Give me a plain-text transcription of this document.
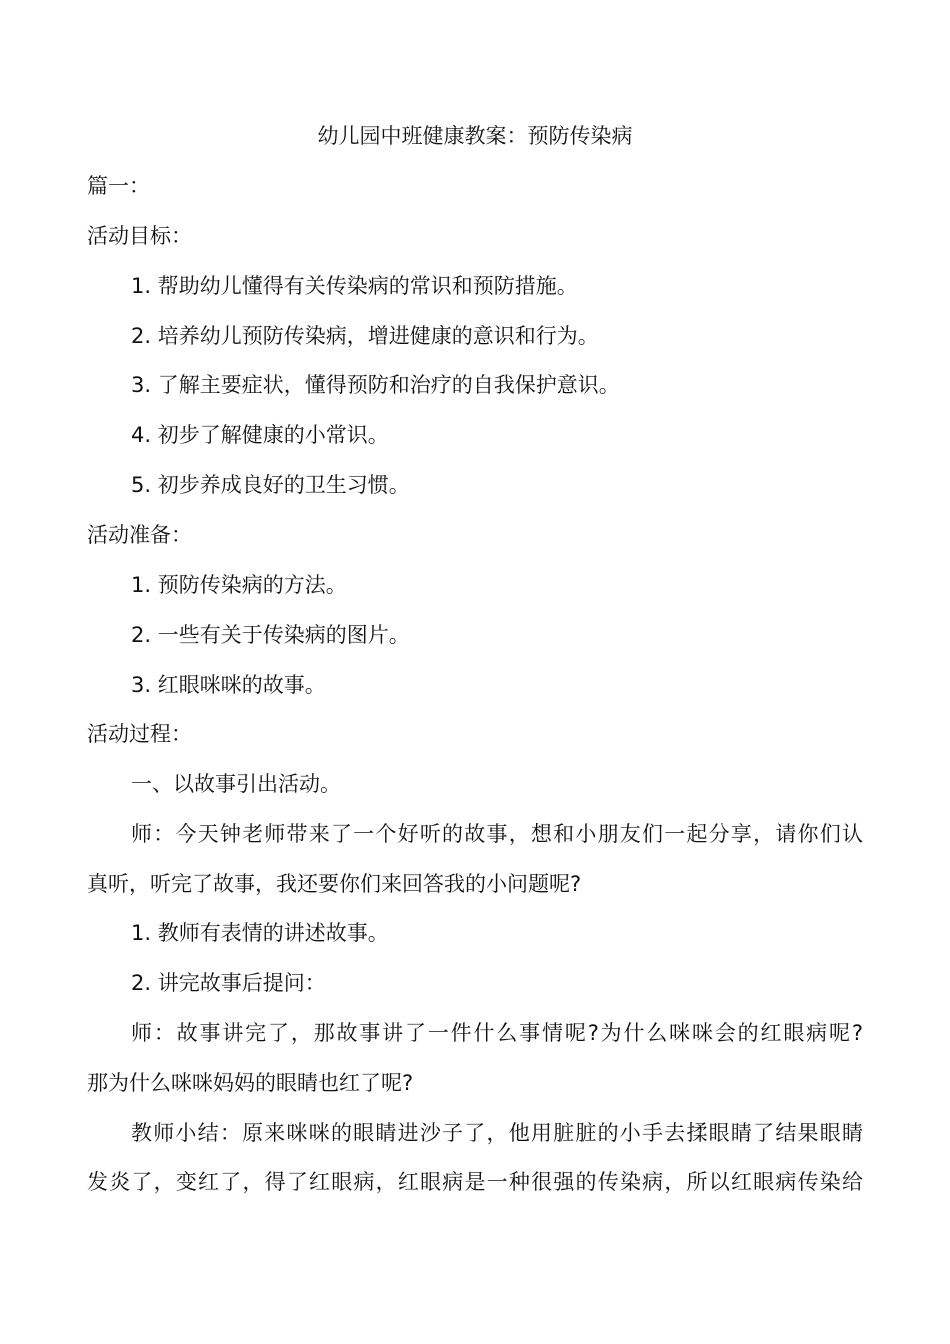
幼儿园中班健康教案：预防传染病
篇一：
活动目标：
1. 帮助幼儿懂得有关传染病的常识和预防措施。
2. 培养幼儿预防传染病，增进健康的意识和行为。
3. 了解主要症状，懂得预防和治疗的自我保护意识。
4. 初步了解健康的小常识。
5. 初步养成良好的卫生习惯。
活动准备：
1. 预防传染病的方法。
2. 一些有关于传染病的图片。
3. 红眼咪咪的故事。
活动过程：
一、以故事引出活动。
师：今天钟老师带来了一个好听的故事，想和小朋友们一起分享，请你们认
真听，听完了故事，我还要你们来回答我的小问题呢?
1. 教师有表情的讲述故事。
2. 讲完故事后提问：
师：故事讲完了，那故事讲了一件什么事情呢?为什么咪咪会的红眼病呢?
那为什么咪咪妈妈的眼睛也红了呢?
教师小结：原来咪咪的眼睛进沙子了，他用脏脏的小手去揉眼睛了结果眼睛
发炎了，变红了，得了红眼病，红眼病是一种很强的传染病，所以红眼病传染给
